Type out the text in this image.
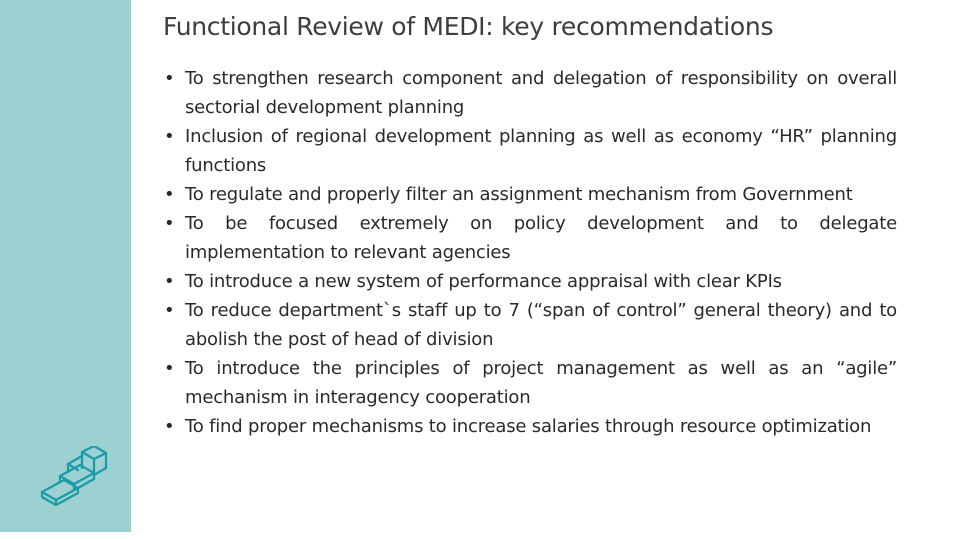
Functional Review of MEDI: key recommendations
• To strengthen research component and delegation of responsibility on overall sectorial development planning
• Inclusion of regional development planning as well as economy “HR” planning functions
• To regulate and properly filter an assignment mechanism from Government
• To be focused extremely on policy development and to delegate implementation to relevant agencies
• To introduce a new system of performance appraisal with clear KPIs
• To reduce department`s staff up to 7 (“span of control” general theory) and to abolish the post of head of division
• To introduce the principles of project management as well as an “agile” mechanism in interagency cooperation
• To find proper mechanisms to increase salaries through resource optimization
